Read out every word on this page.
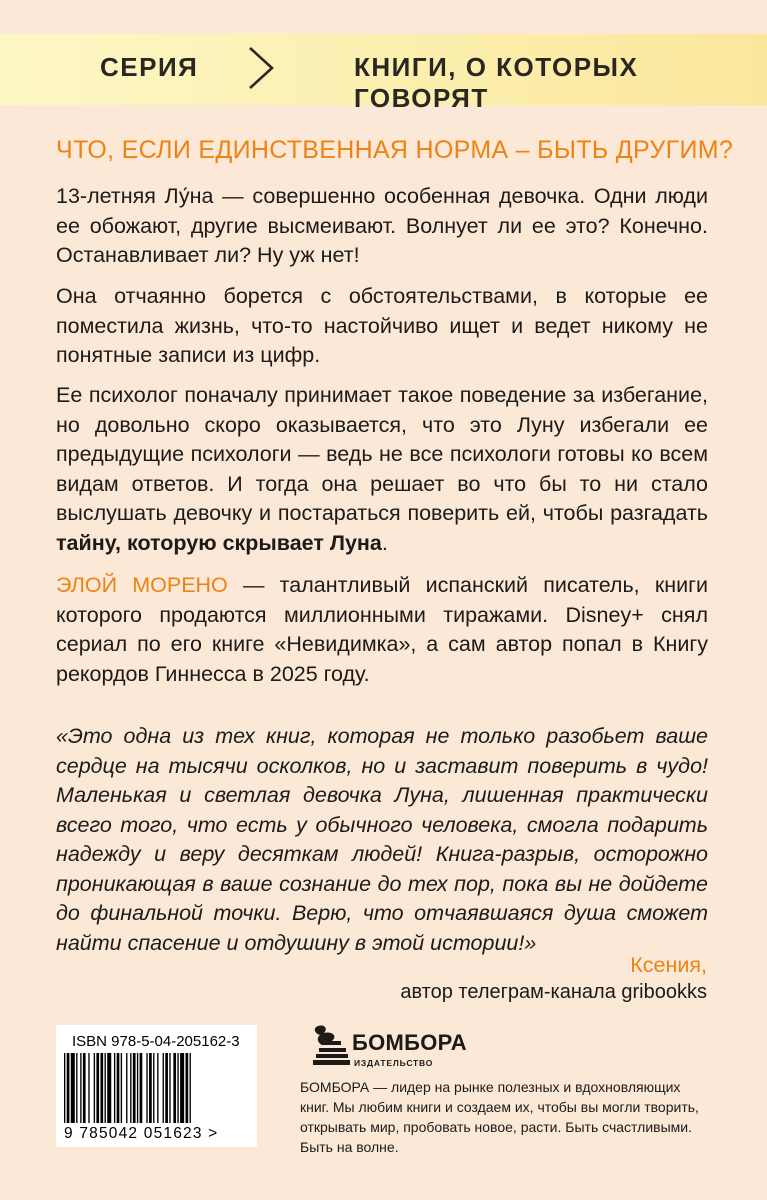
СЕРИЯ	КНИГИ, О КОТОРЫХ ГОВОРЯТ
ЧТО, ЕСЛИ ЕДИНСТВЕННАЯ НОРМА – БЫТЬ ДРУГИМ?

13-летняя Лу́на — совершенно особенная девочка. Одни люди ее обожают, другие высмеивают. Волнует ли ее это? Конечно. Останавливает ли? Ну уж нет!

Она отчаянно борется с обстоятельствами, в которые ее поместила жизнь, что-то настойчиво ищет и ведет никому не понятные записи из цифр.

Ее психолог поначалу принимает такое поведение за избегание, но довольно скоро оказывается, что это Луну избегали ее предыдущие психологи — ведь не все психологи готовы ко всем видам ответов. И тогда она решает во что бы то ни стало выслушать девочку и постараться поверить ей, чтобы разгадать тайну, которую скрывает Луна.

ЭЛОЙ МОРЕНО — талантливый испанский писатель, книги которого продаются миллионными тиражами. Disney+ снял сериал по его книге «Невидимка», а сам автор попал в Книгу рекордов Гиннесса в 2025 году.

«Это одна из тех книг, которая не только разобьет ваше сердце на тысячи осколков, но и заставит поверить в чудо! Маленькая и светлая девочка Луна, лишенная практически всего того, что есть у обычного человека, смогла подарить надежду и веру десяткам людей! Книга-разрыв, осторожно проникающая в ваше сознание до тех пор, пока вы не дойдете до финальной точки. Верю, что отчаявшаяся душа сможет найти спасение и отдушину в этой истории!»

Ксения,
автор телеграм-канала gribookks
ISBN 978-5-04-205162-3
9 785042 051623 >
БОМБОРА
ИЗДАТЕЛЬСТВО

БОМБОРА — лидер на рынке полезных и вдохновляющих книг. Мы любим книги и создаем их, чтобы вы могли творить, открывать мир, пробовать новое, расти. Быть счастливыми. Быть на волне.
